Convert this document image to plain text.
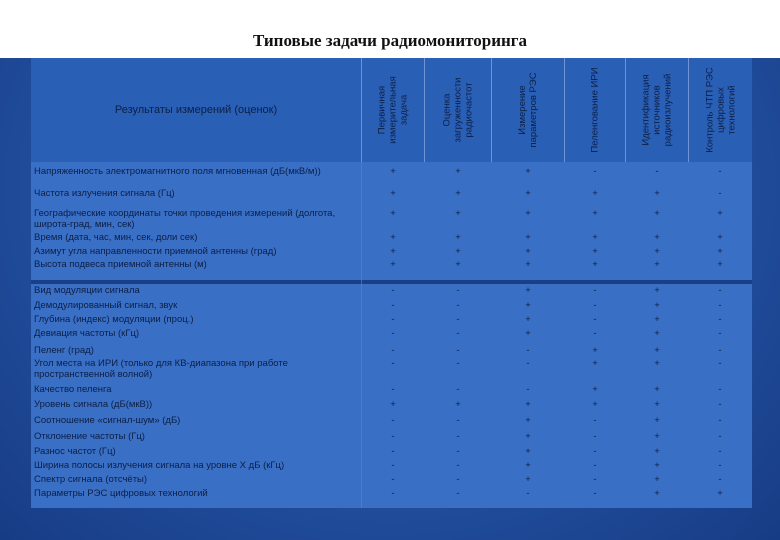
Типовые задачи радиомониторинга
Результаты измерений (оценок)	Первичная измерительная задача	Оценка загруженности радиочастот	Измерение параметров РЭС	Пеленгование ИРИ	Идентификация источников радиоизлучений	Контроль ЧТП РЭС цифровых технологий
Напряженность электромагнитного поля мгновенная (дБ(мкВ/м))	+	+	+	-	-	-
Частота излучения сигнала (Гц)	+	+	+	+	+	-
Географические координаты точки проведения измерений (долгота, широта-град, мин, сек)
+	+	+	+	+	+
Время (дата, час, мин, сек, доли сек)	+	+	+	+	+	+
Азимут угла направленности приемной антенны (град)	+	+	+	+	+	+
Высота подвеса приемной антенны (м)	+	+	+	+	+	+
Вид модуляции сигнала	-	-	+	-	+	-
Демодулированный сигнал, звук	-	-	+	-	+	-
Глубина (индекс) модуляции (проц.)	-	-	+	-	+	-
Девиация частоты (кГц)	-	-	+	-	+	-
Пеленг (град)	-	-	-	+	+	-
Угол места на ИРИ (только для КВ-диапазона при работе пространственной волной)
-	-	-	+	+	-
Качество пеленга	-	-	-	+	+	-
Уровень сигнала (дБ(мкВ))	+	+	+	+	+	-
Соотношение «сигнал-шум» (дБ)	-	-	+	-	+	-
Отклонение частоты (Гц)	-	-	+	-	+	-
Разнос частот (Гц)	-	-	+	-	+	-
Ширина полосы излучения сигнала на уровне Х дБ (кГц)	-	-	+	-	+	-
Спектр сигнала (отсчёты)	-	-	+	-	+	-
Параметры РЭС цифровых технологий	-	-	-	-	+	+
